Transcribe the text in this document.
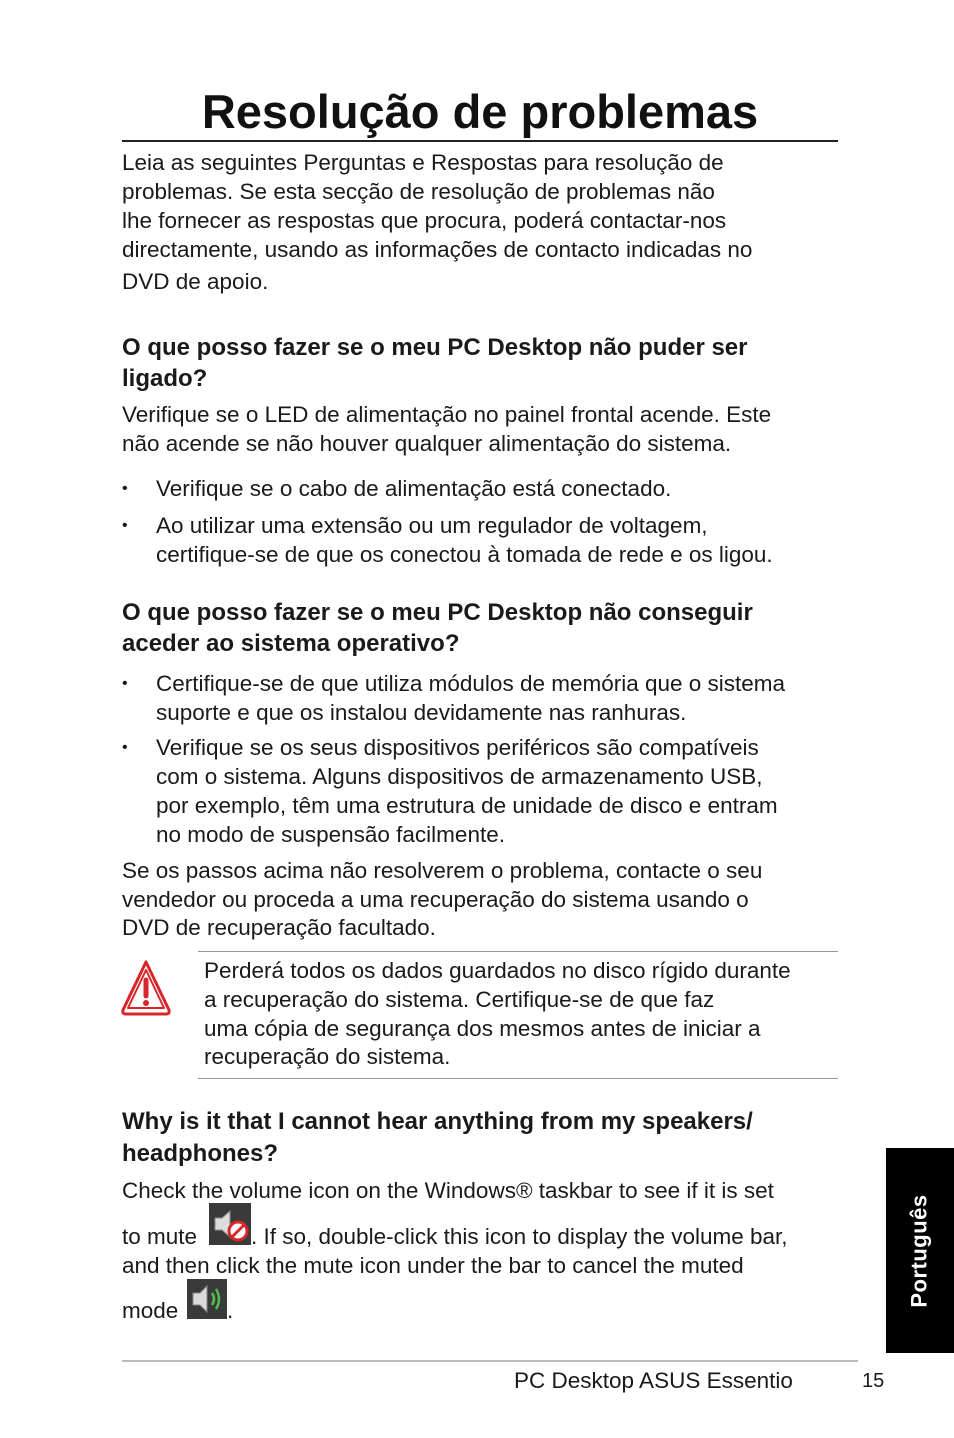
Resolução de problemas

Leia as seguintes Perguntas e Respostas para resolução de

problemas. Se esta secção de resolução de problemas não

lhe fornecer as respostas que procura, poderá contactar-nos

directamente, usando as informações de contacto indicadas no

DVD de apoio.

O que posso fazer se o meu PC Desktop não puder ser
ligado?

Verifique se o LED de alimentação no painel frontal acende. Este

não acende se não houver qualquer alimentação do sistema.

• Verifique se o cabo de alimentação está conectado.

• Ao utilizar uma extensão ou um regulador de voltagem,

certifique-se de que os conectou à tomada de rede e os ligou.

O que posso fazer se o meu PC Desktop não conseguir
aceder ao sistema operativo?
• Certifique-se de que utiliza módulos de memória que o sistema

suporte e que os instalou devidamente nas ranhuras.

• Verifique se os seus dispositivos periféricos são compatíveis

com o sistema. Alguns dispositivos de armazenamento USB,

por exemplo, têm uma estrutura de unidade de disco e entram

no modo de suspensão facilmente.

Se os passos acima não resolverem o problema, contacte o seu

vendedor ou proceda a uma recuperação do sistema usando o

DVD de recuperação facultado.

Perderá todos os dados guardados no disco rígido durante

a recuperação do sistema. Certifique-se de que faz

uma cópia de segurança dos mesmos antes de iniciar a

recuperação do sistema.

Why is it that I cannot hear anything from my speakers/
headphones?

Check the volume icon on the Windows® taskbar to see if it is set

to mute . If so, double-click this icon to display the volume bar,

and then click the mute icon under the bar to cancel the muted

mode .

Português
PC Desktop ASUS Essentio	15
